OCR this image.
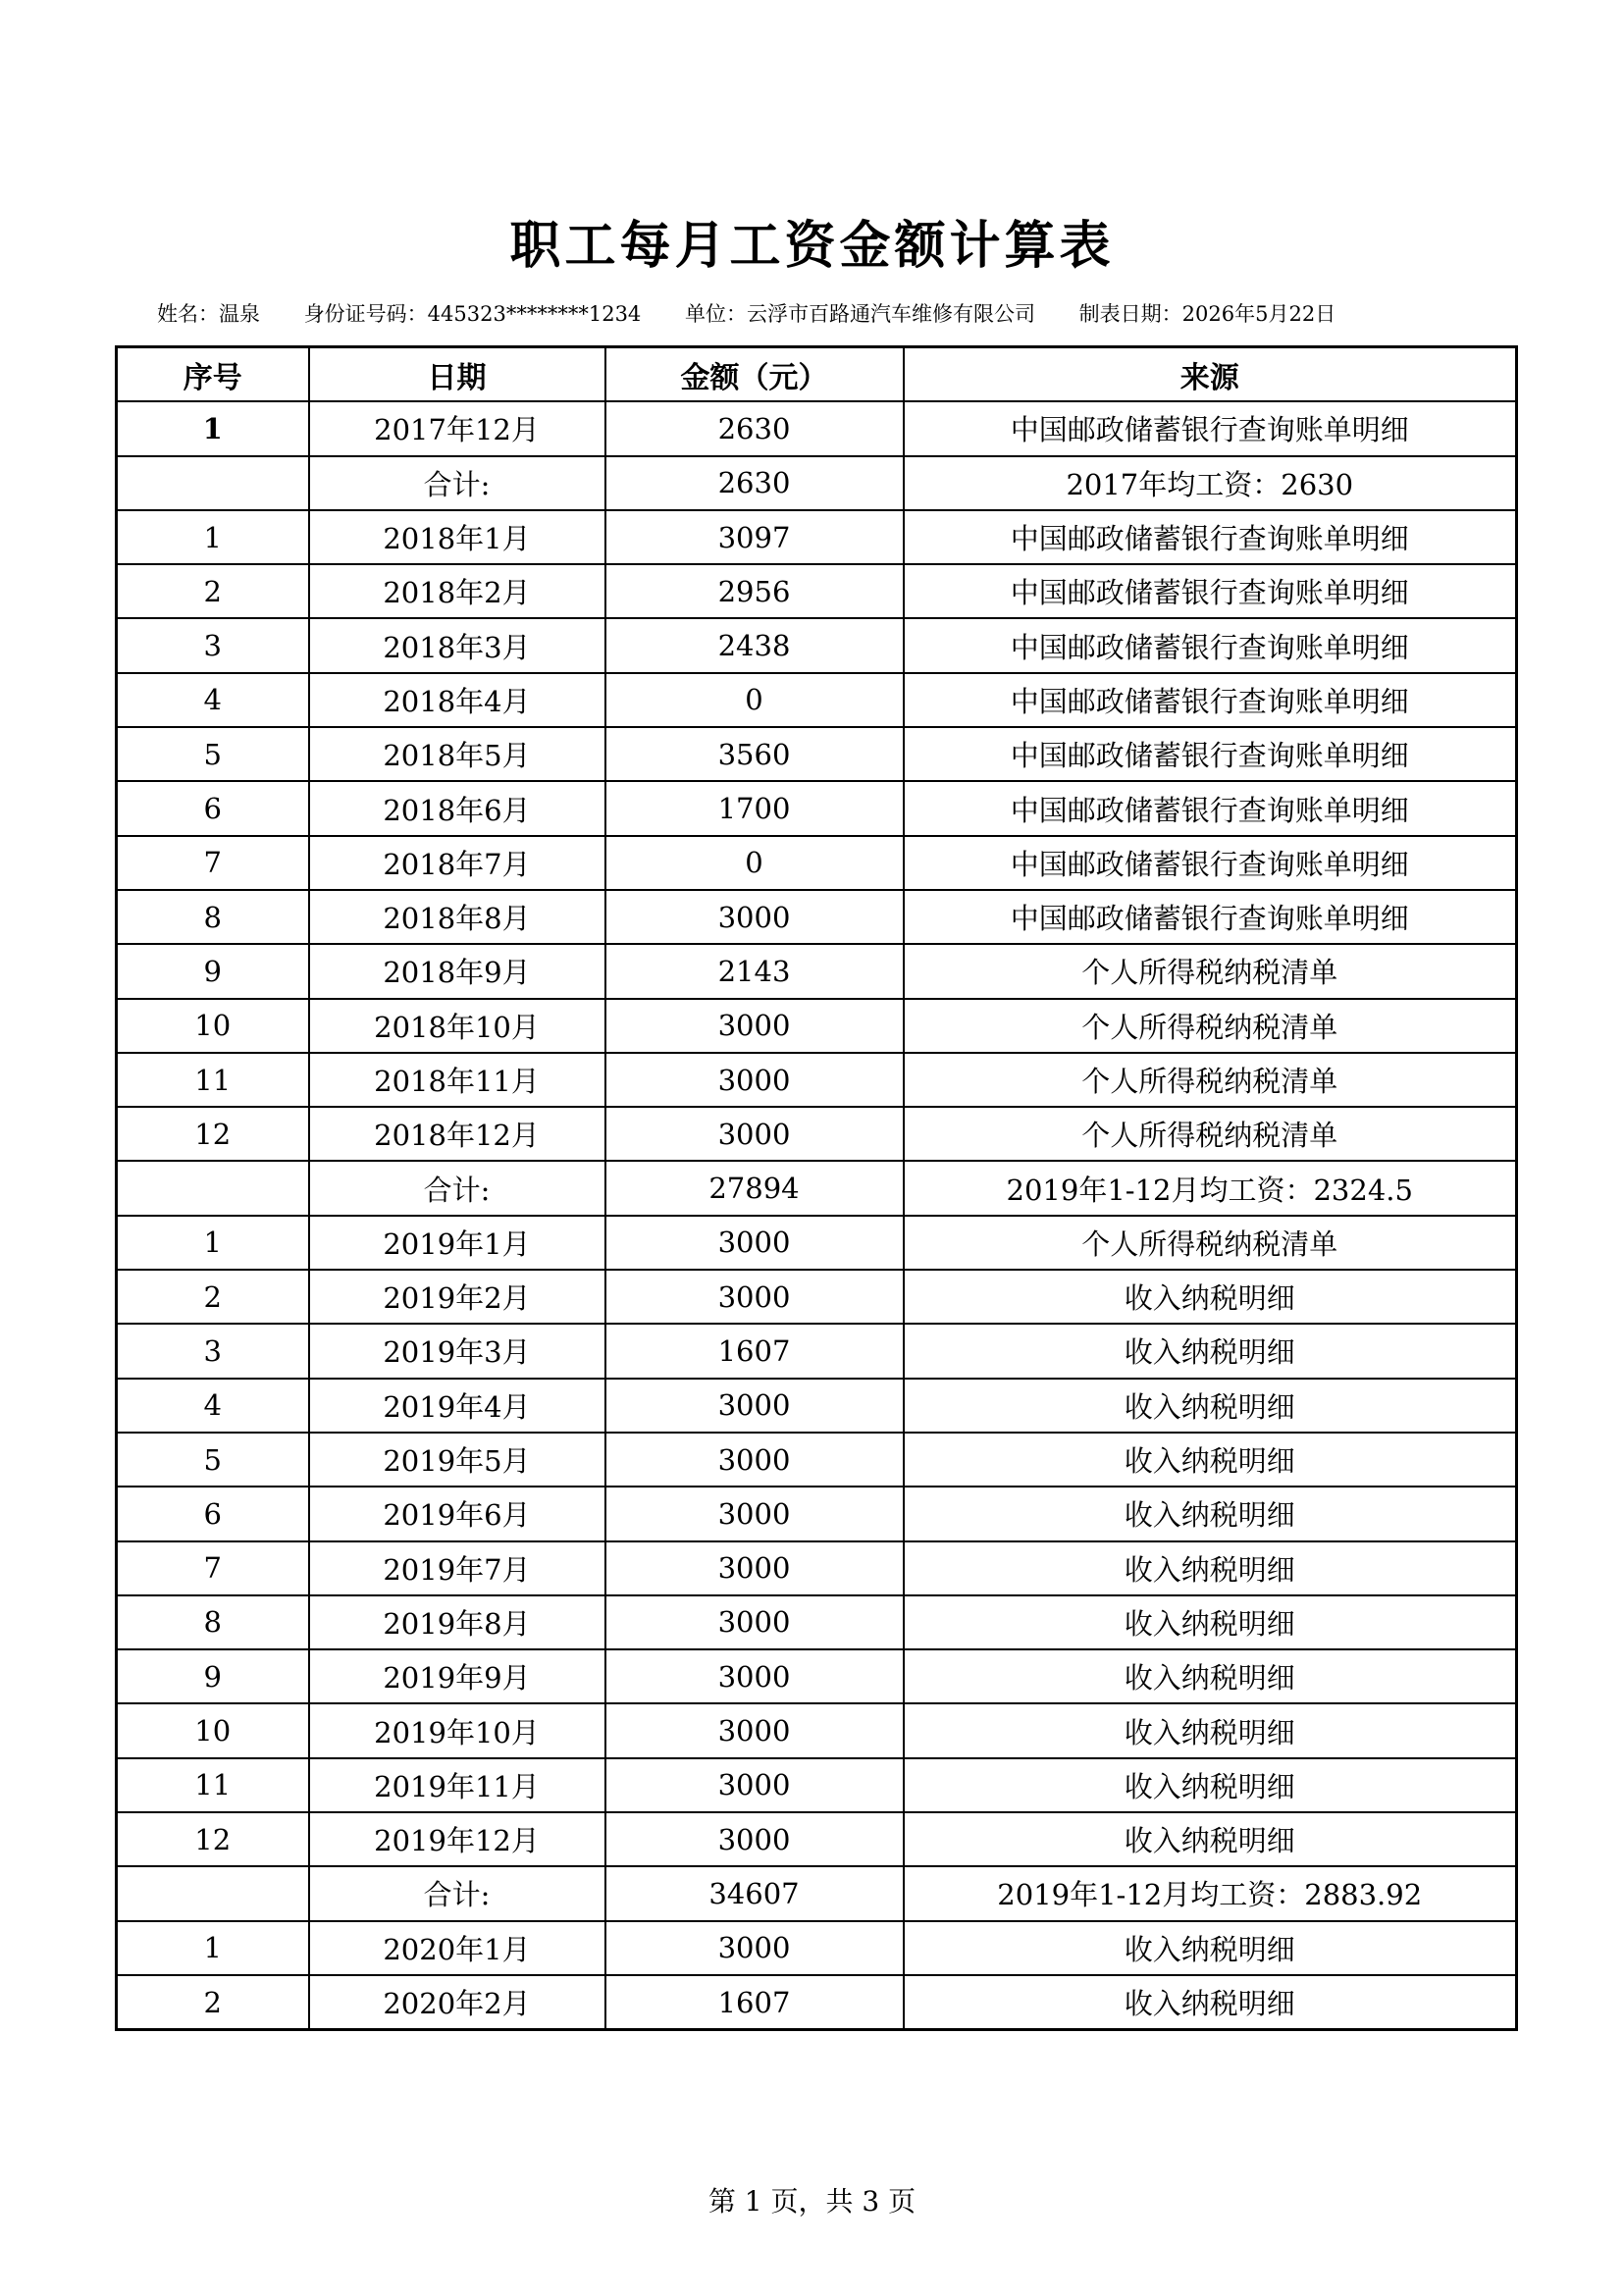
职工每月工资金额计算表
姓名：温泉 身份证号码：445323********1234 单位：云浮市百路通汽车维修有限公司 制表日期：2026年5月22日
序号	日期	金额（元）	来源
1	2017年12月	2630	中国邮政储蓄银行查询账单明细
	合计:	2630	2017年均工资：2630
1	2018年1月	3097	中国邮政储蓄银行查询账单明细
2	2018年2月	2956	中国邮政储蓄银行查询账单明细
3	2018年3月	2438	中国邮政储蓄银行查询账单明细
4	2018年4月	0	中国邮政储蓄银行查询账单明细
5	2018年5月	3560	中国邮政储蓄银行查询账单明细
6	2018年6月	1700	中国邮政储蓄银行查询账单明细
7	2018年7月	0	中国邮政储蓄银行查询账单明细
8	2018年8月	3000	中国邮政储蓄银行查询账单明细
9	2018年9月	2143	个人所得税纳税清单
10	2018年10月	3000	个人所得税纳税清单
11	2018年11月	3000	个人所得税纳税清单
12	2018年12月	3000	个人所得税纳税清单
	合计:	27894	2019年1-12月均工资：2324.5
1	2019年1月	3000	个人所得税纳税清单
2	2019年2月	3000	收入纳税明细
3	2019年3月	1607	收入纳税明细
4	2019年4月	3000	收入纳税明细
5	2019年5月	3000	收入纳税明细
6	2019年6月	3000	收入纳税明细
7	2019年7月	3000	收入纳税明细
8	2019年8月	3000	收入纳税明细
9	2019年9月	3000	收入纳税明细
10	2019年10月	3000	收入纳税明细
11	2019年11月	3000	收入纳税明细
12	2019年12月	3000	收入纳税明细
	合计:	34607	2019年1-12月均工资：2883.92
1	2020年1月	3000	收入纳税明细
2	2020年2月	1607	收入纳税明细
第 1 页，共 3 页
